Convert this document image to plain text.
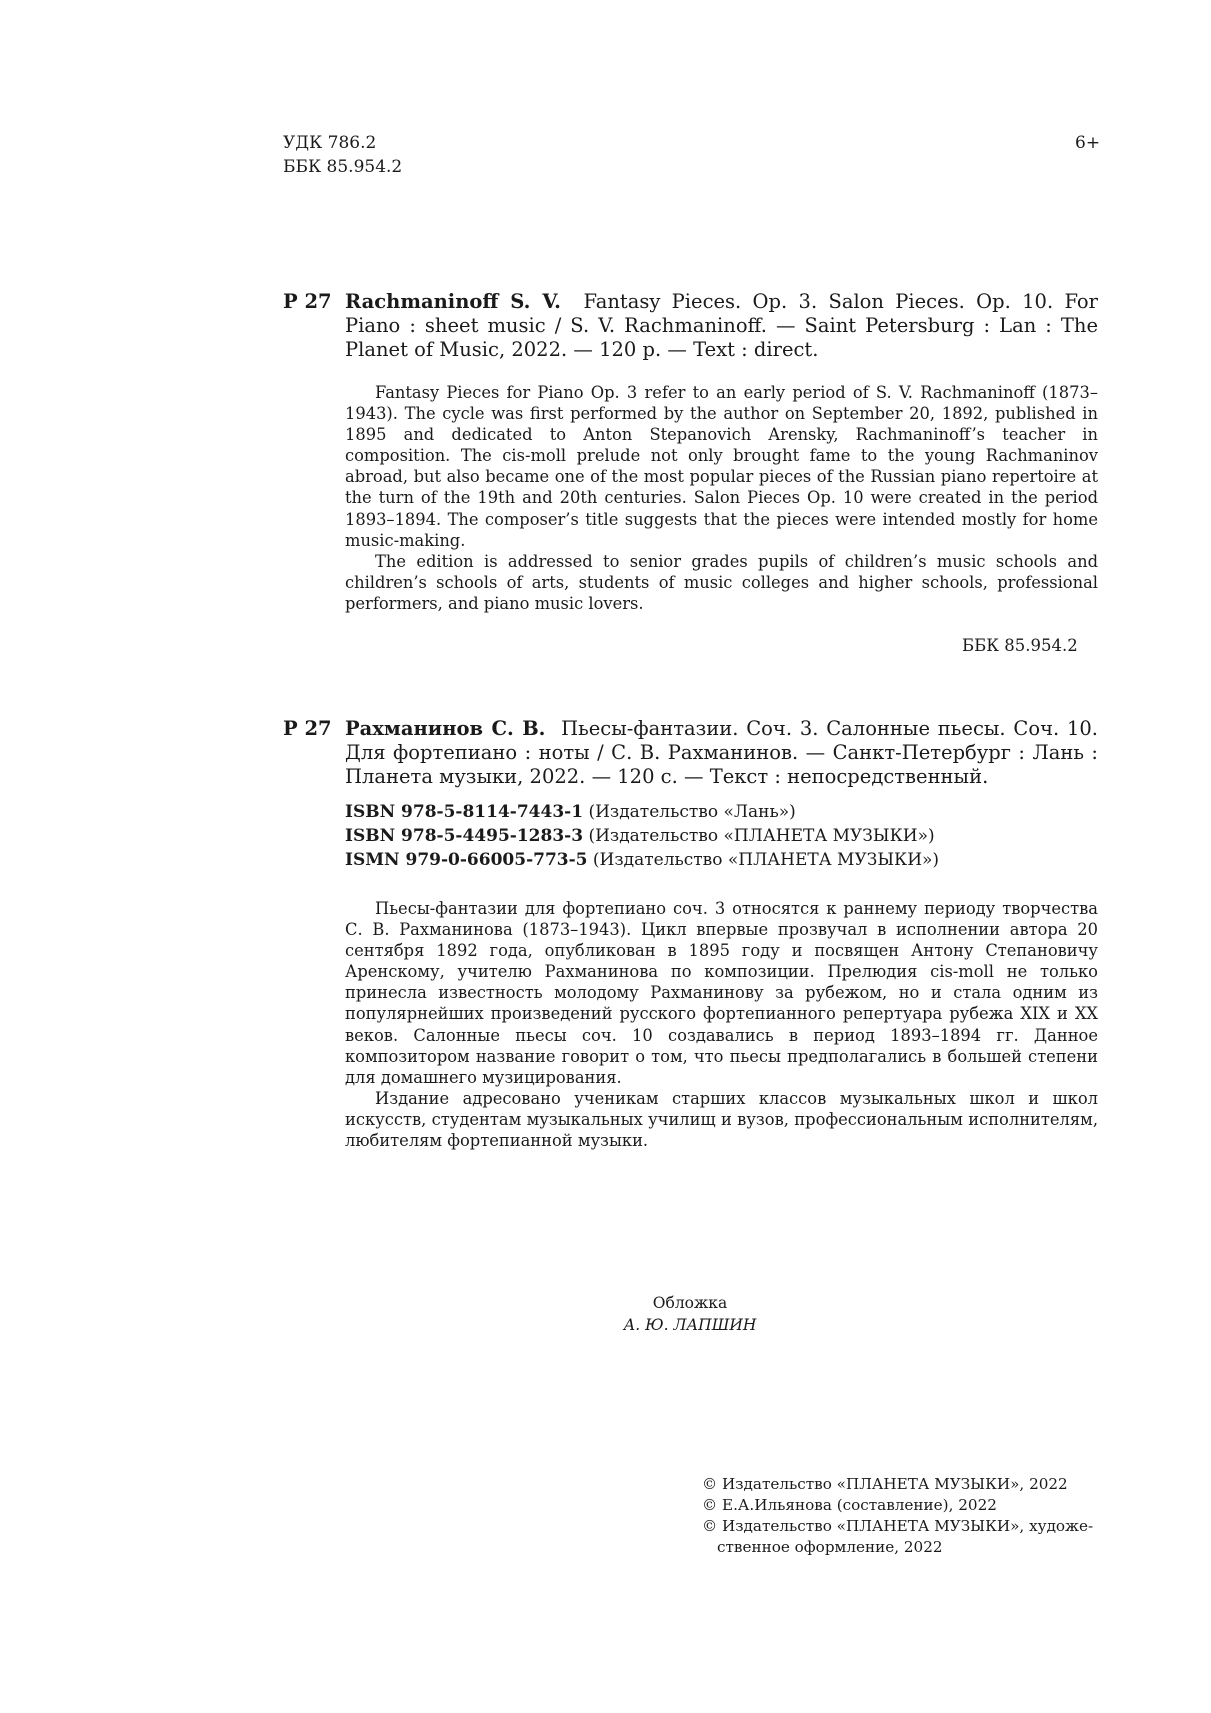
УДК 786.2
ББК 85.954.2
6+
Р 27 Rachmaninoff S. V. Fantasy Pieces. Op. 3. Salon Pieces. Op. 10. For Piano : sheet music / S. V. Rachmaninoff. — Saint Petersburg : Lan : The Planet of Music, 2022. — 120 p. — Text : direct.

Fantasy Pieces for Piano Op. 3 refer to an early period of S. V. Rachmaninoff (1873–1943). The cycle was first performed by the author on September 20, 1892, published in 1895 and dedicated to Anton Stepanovich Arensky, Rachmaninoff’s teacher in composition. The cis-moll prelude not only brought fame to the young Rachmaninov abroad, but also became one of the most popular pieces of the Russian piano repertoire at the turn of the 19th and 20th centuries. Salon Pieces Op. 10 were created in the period 1893–1894. The composer’s title suggests that the pieces were intended mostly for home music-making.

The edition is addressed to senior grades pupils of children’s music schools and children’s schools of arts, students of music colleges and higher schools, professional performers, and piano music lovers.

ББК 85.954.2
Р 27 Рахманинов С. В. Пьесы-фантазии. Соч. 3. Салонные пьесы. Соч. 10. Для фортепиано : ноты / С. В. Рахманинов. — Санкт-Петербург : Лань : Планета музыки, 2022. — 120 с. — Текст : непосредственный.
ISBN 978-5-8114-7443-1 (Издательство «Лань»)
ISBN 978-5-4495-1283-3 (Издательство «ПЛАНЕТА МУЗЫКИ»)
ISMN 979-0-66005-773-5 (Издательство «ПЛАНЕТА МУЗЫКИ»)

Пьесы-фантазии для фортепиано соч. 3 относятся к раннему периоду творчества С. В. Рахманинова (1873–1943). Цикл впервые прозвучал в исполнении автора 20 сентября 1892 года, опубликован в 1895 году и посвящен Антону Степановичу Аренскому, учителю Рахманинова по композиции. Прелюдия cis-moll не только принесла известность молодому Рахманинову за рубежом, но и стала одним из популярнейших произведений русского фортепианного репертуара рубежа XIX и XX веков. Салонные пьесы соч. 10 создавались в период 1893–1894 гг. Данное композитором название говорит о том, что пьесы предполагались в большей степени для домашнего музицирования.

Издание адресовано ученикам старших классов музыкальных школ и школ искусств, студентам музыкальных училищ и вузов, профессиональным исполнителям, любителям фортепианной музыки.

Обложка
А. Ю. ЛАПШИН
© Издательство «ПЛАНЕТА МУЗЫКИ», 2022
© Е.А.Ильянова (составление), 2022
© Издательство «ПЛАНЕТА МУЗЫКИ», художе-
ственное оформление, 2022
